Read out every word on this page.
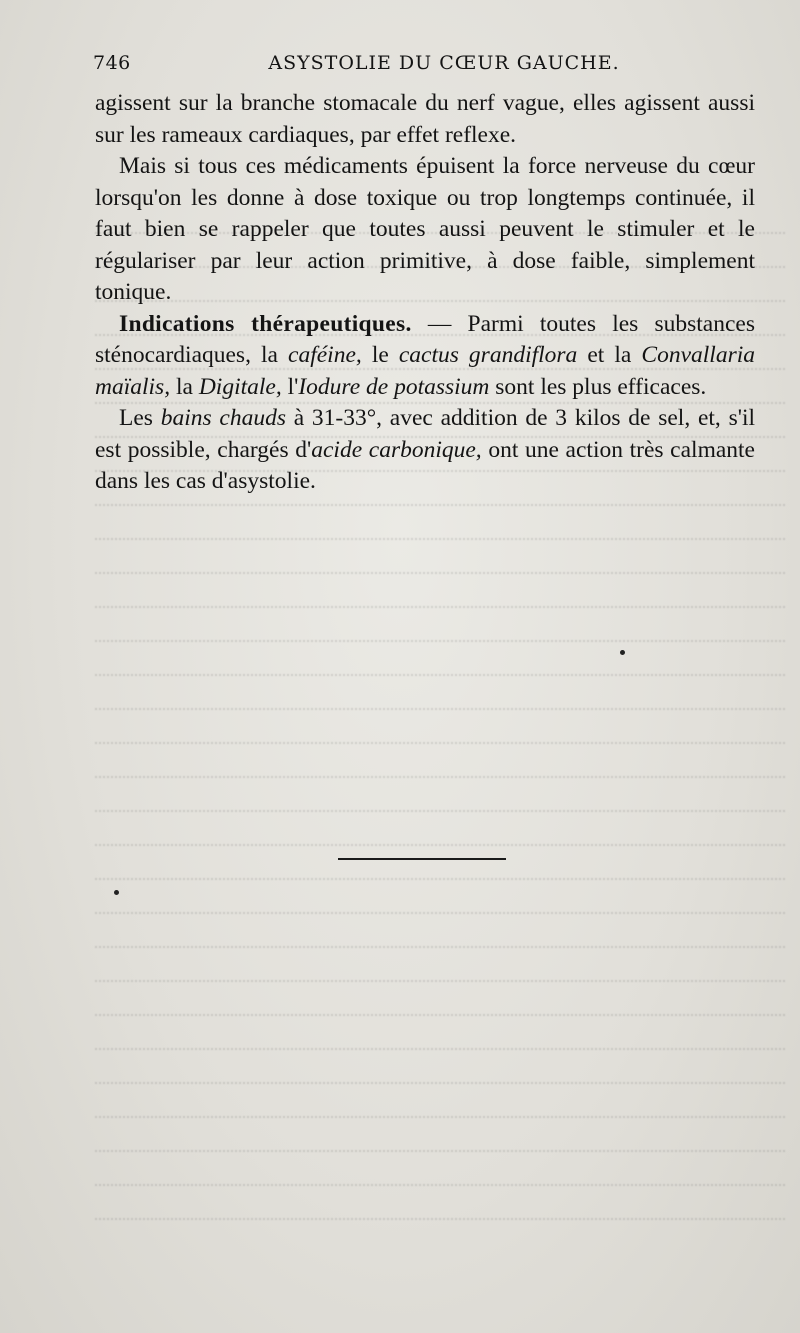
746	ASYSTOLIE DU CŒUR GAUCHE.

agissent sur la branche stomacale du nerf vague, elles agissent aussi sur les rameaux cardiaques, par effet reflexe.

Mais si tous ces médicaments épuisent la force nerveuse du cœur lorsqu'on les donne à dose toxique ou trop longtemps continuée, il faut bien se rappeler que toutes aussi peuvent le stimuler et le régulariser par leur action primitive, à dose faible, simplement tonique.

Indications thérapeutiques. — Parmi toutes les substances sténocardiaques, la caféine, le cactus grandiflora et la Convallaria maïalis, la Digitale, l'Iodure de potassium sont les plus efficaces.

Les bains chauds à 31-33°, avec addition de 3 kilos de sel, et, s'il est possible, chargés d'acide carbonique, ont une action très calmante dans les cas d'asystolie.
